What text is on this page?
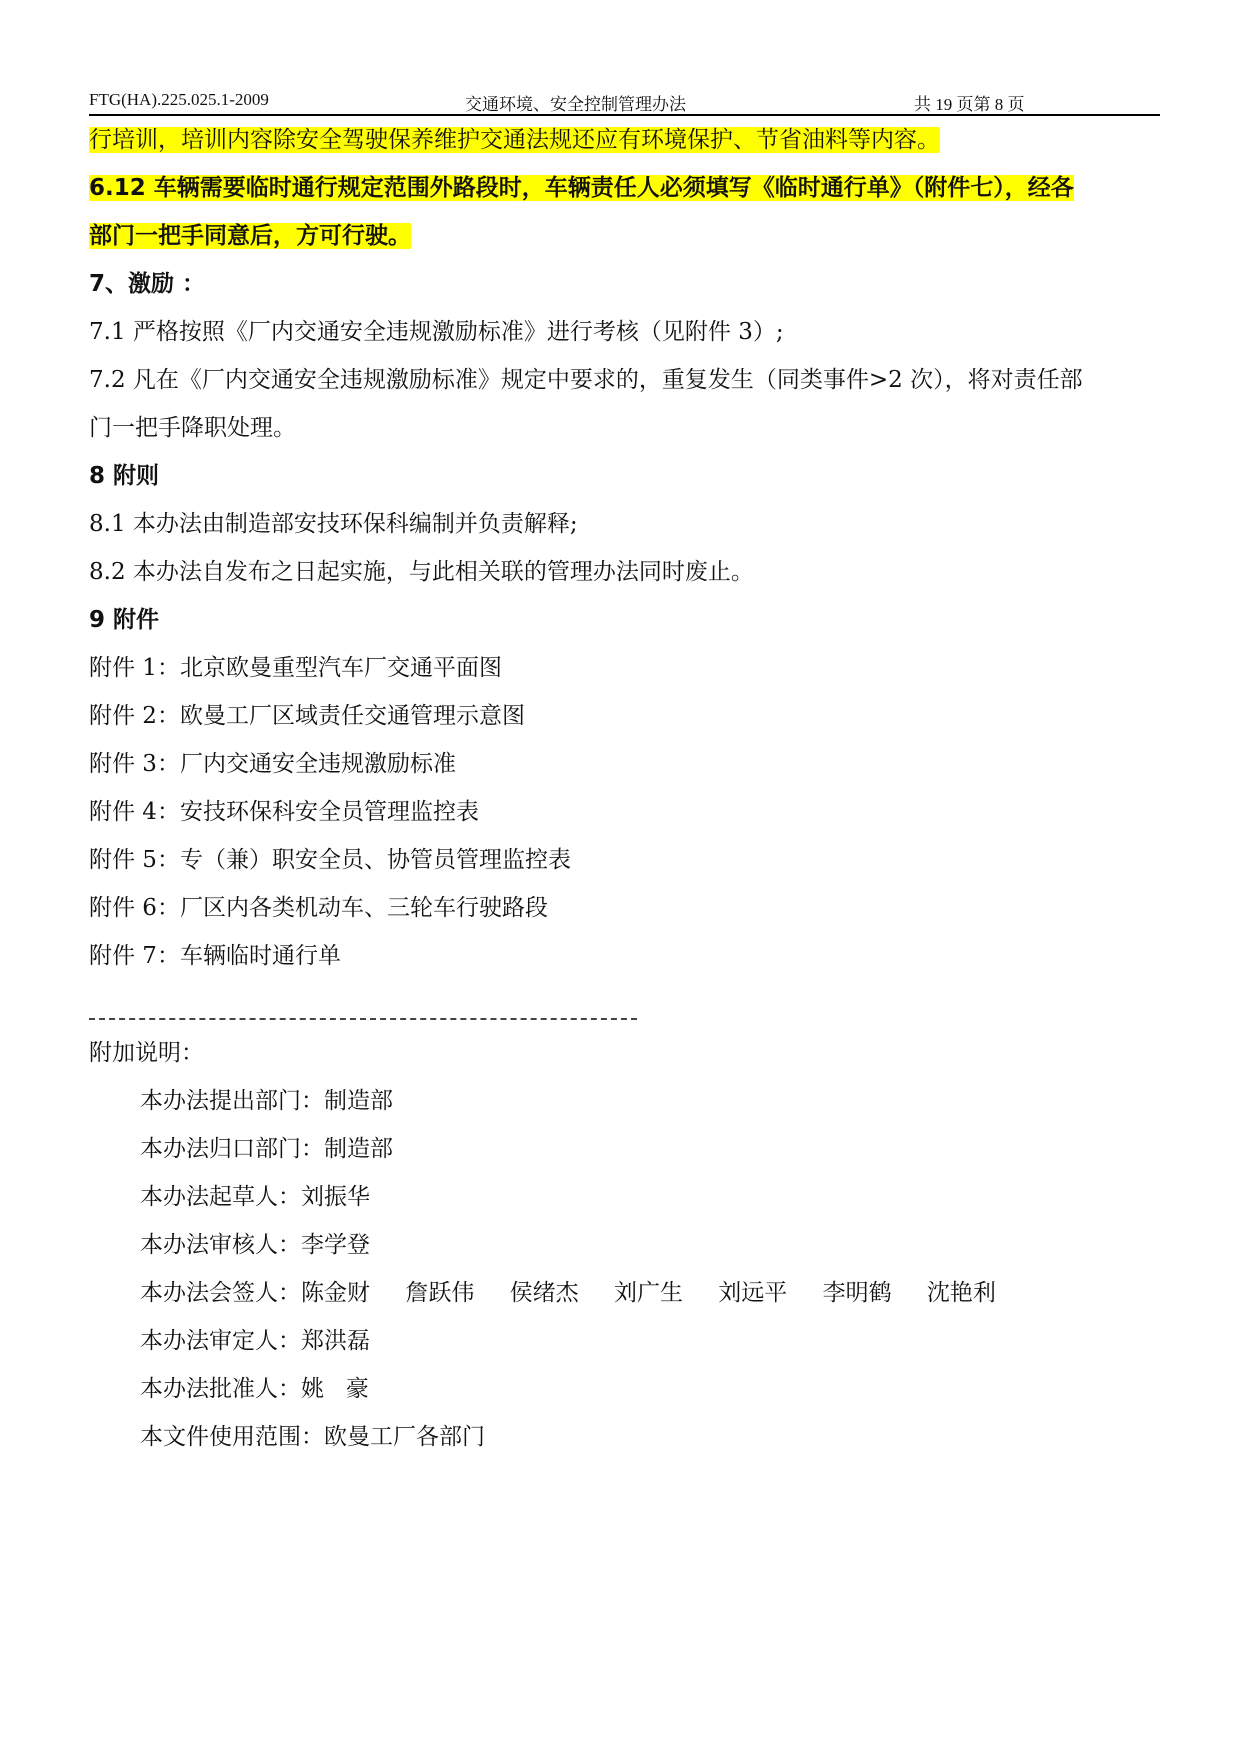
FTG(HA).225.025.1-2009	交通环境、安全控制管理办法	共 19 页第 8 页
行培训，培训内容除安全驾驶保养维护交通法规还应有环境保护、节省油料等内容。
6.12 车辆需要临时通行规定范围外路段时，车辆责任人必须填写《临时通行单》（附件七），经各
部门一把手同意后，方可行驶。
7、激励 ：
7.1 严格按照《厂内交通安全违规激励标准》进行考核（见附件 3）;
7.2 凡在《厂内交通安全违规激励标准》规定中要求的，重复发生（同类事件>2 次），将对责任部
门一把手降职处理。
8 附则
8.1 本办法由制造部安技环保科编制并负责解释;
8.2 本办法自发布之日起实施，与此相关联的管理办法同时废止。
9 附件
附件 1：北京欧曼重型汽车厂交通平面图
附件 2：欧曼工厂区域责任交通管理示意图
附件 3：厂内交通安全违规激励标准
附件 4：安技环保科安全员管理监控表
附件 5：专（兼）职安全员、协管员管理监控表
附件 6：厂区内各类机动车、三轮车行驶路段
附件 7：车辆临时通行单
附加说明：
本办法提出部门：制造部
本办法归口部门：制造部
本办法起草人：刘振华
本办法审核人：李学登
本办法会签人：陈金财 詹跃伟 侯绪杰 刘广生 刘远平 李明鹤 沈艳利
本办法审定人：郑洪磊
本办法批准人：姚   豪
本文件使用范围：欧曼工厂各部门
